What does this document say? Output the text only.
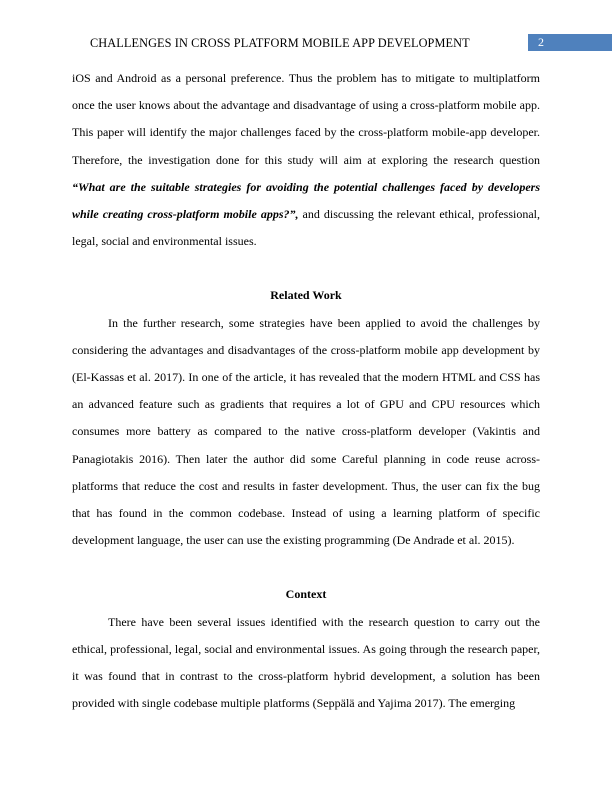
CHALLENGES IN CROSS PLATFORM MOBILE APP DEVELOPMENT	2

iOS and Android as a personal preference. Thus the problem has to mitigate to multiplatform once the user knows about the advantage and disadvantage of using a cross-platform mobile app. This paper will identify the major challenges faced by the cross-platform mobile-app developer. Therefore, the investigation done for this study will aim at exploring the research question “What are the suitable strategies for avoiding the potential challenges faced by developers while creating cross-platform mobile apps?”, and discussing the relevant ethical, professional, legal, social and environmental issues.

Related Work

In the further research, some strategies have been applied to avoid the challenges by considering the advantages and disadvantages of the cross-platform mobile app development by (El-Kassas et al. 2017). In one of the article, it has revealed that the modern HTML and CSS has an advanced feature such as gradients that requires a lot of GPU and CPU resources which consumes more battery as compared to the native cross-platform developer (Vakintis and Panagiotakis 2016). Then later the author did some Careful planning in code reuse across-platforms that reduce the cost and results in faster development. Thus, the user can fix the bug that has found in the common codebase. Instead of using a learning platform of specific development language, the user can use the existing programming (De Andrade et al. 2015).

Context

There have been several issues identified with the research question to carry out the ethical, professional, legal, social and environmental issues. As going through the research paper, it was found that in contrast to the cross-platform hybrid development, a solution has been provided with single codebase multiple platforms (Seppälä and Yajima 2017). The emerging
